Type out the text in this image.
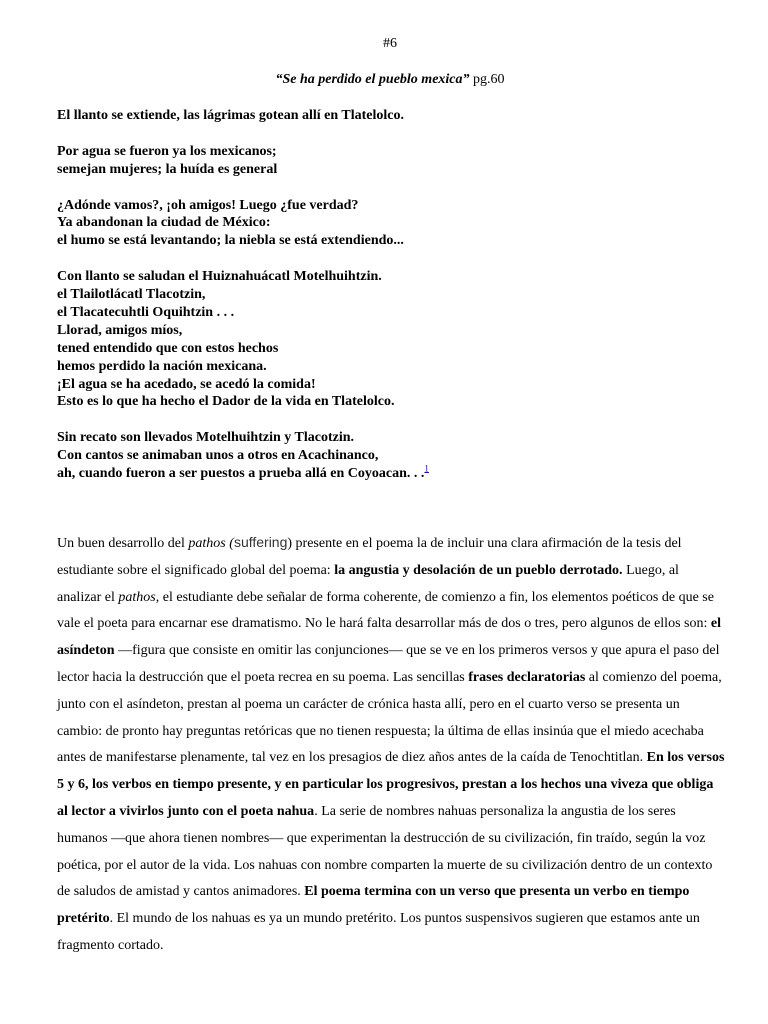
#6
“Se ha perdido el pueblo mexica” pg.60
El llanto se extiende, las lágrimas gotean allí en Tlatelolco.
Por agua se fueron ya los mexicanos;
semejan mujeres; la huída es general
¿Adónde vamos?, ¡oh amigos! Luego ¿fue verdad?
Ya abandonan la ciudad de México:
el humo se está levantando; la niebla se está extendiendo...
Con llanto se saludan el Huiznahuácatl Motelhuihtzin.
el Tlailotlácatl Tlacotzin,
el Tlacatecuhtli Oquihtzin . . .
Llorad, amigos míos,
tened entendido que con estos hechos
hemos perdido la nación mexicana.
¡El agua se ha acedado, se acedó la comida!
Esto es lo que ha hecho el Dador de la vida en Tlatelolco.
Sin recato son llevados Motelhuihtzin y Tlacotzin.
Con cantos se animaban unos a otros en Acachinanco,
ah, cuando fueron a ser puestos a prueba allá en Coyoacan. . .$^1$

Un buen desarrollo del pathos (suffering) presente en el poema la de incluir una clara afirmación de la tesis del estudiante sobre el significado global del poema: la angustia y desolación de un pueblo derrotado. Luego, al analizar el pathos, el estudiante debe señalar de forma coherente, de comienzo a fin, los elementos poéticos de que se vale el poeta para encarnar ese dramatismo. No le hará falta desarrollar más de dos o tres, pero algunos de ellos son: el asíndeton —figura que consiste en omitir las conjunciones— que se ve en los primeros versos y que apura el paso del lector hacia la destrucción que el poeta recrea en su poema. Las sencillas frases declaratorias al comienzo del poema, junto con el asíndeton, prestan al poema un carácter de crónica hasta allí, pero en el cuarto verso se presenta un cambio: de pronto hay preguntas retóricas que no tienen respuesta; la última de ellas insinúa que el miedo acechaba antes de manifestarse plenamente, tal vez en los presagios de diez años antes de la caída de Tenochtitlan. En los versos 5 y 6, los verbos en tiempo presente, y en particular los progresivos, prestan a los hechos una viveza que obliga al lector a vivirlos junto con el poeta nahua. La serie de nombres nahuas personaliza la angustia de los seres humanos —que ahora tienen nombres— que experimentan la destrucción de su civilización, fin traído, según la voz poética, por el autor de la vida. Los nahuas con nombre comparten la muerte de su civilización dentro de un contexto de saludos de amistad y cantos animadores. El poema termina con un verso que presenta un verbo en tiempo pretérito. El mundo de los nahuas es ya un mundo pretérito. Los puntos suspensivos sugieren que estamos ante un fragmento cortado.
